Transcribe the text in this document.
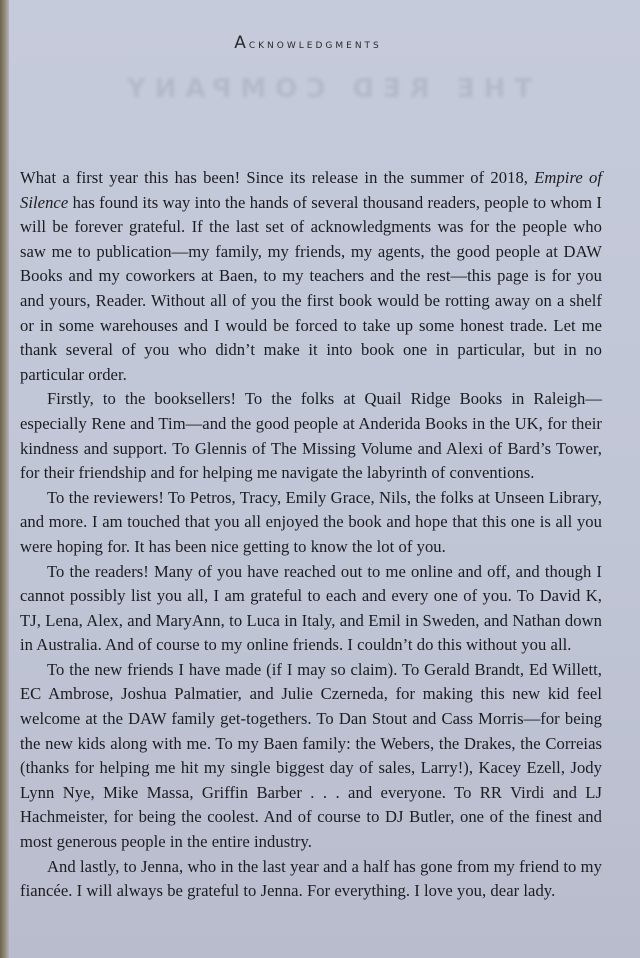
Acknowledgments
THE RED COMPANY

What a first year this has been! Since its release in the summer of 2018, Empire of Silence has found its way into the hands of several thousand readers, people to whom I will be forever grateful. If the last set of acknowledgments was for the people who saw me to publication—my family, my friends, my agents, the good people at DAW Books and my coworkers at Baen, to my teachers and the rest—this page is for you and yours, Reader. Without all of you the first book would be rotting away on a shelf or in some warehouses and I would be forced to take up some honest trade. Let me thank several of you who didn’t make it into book one in particular, but in no particular order.

Firstly, to the booksellers! To the folks at Quail Ridge Books in Raleigh—especially Rene and Tim—and the good people at Anderida Books in the UK, for their kindness and support. To Glennis of The Missing Volume and Alexi of Bard’s Tower, for their friendship and for helping me navigate the labyrinth of conventions.

To the reviewers! To Petros, Tracy, Emily Grace, Nils, the folks at Unseen Library, and more. I am touched that you all enjoyed the book and hope that this one is all you were hoping for. It has been nice getting to know the lot of you.

To the readers! Many of you have reached out to me online and off, and though I cannot possibly list you all, I am grateful to each and every one of you. To David K, TJ, Lena, Alex, and MaryAnn, to Luca in Italy, and Emil in Sweden, and Nathan down in Australia. And of course to my online friends. I couldn’t do this without you all.

To the new friends I have made (if I may so claim). To Gerald Brandt, Ed Willett, EC Ambrose, Joshua Palmatier, and Julie Czerneda, for making this new kid feel welcome at the DAW family get-togethers. To Dan Stout and Cass Morris—for being the new kids along with me. To my Baen family: the Webers, the Drakes, the Correias (thanks for helping me hit my single biggest day of sales, Larry!), Kacey Ezell, Jody Lynn Nye, Mike Massa, Griffin Barber . . . and everyone. To RR Virdi and LJ Hachmeister, for being the coolest. And of course to DJ Butler, one of the finest and most generous people in the entire industry.

And lastly, to Jenna, who in the last year and a half has gone from my friend to my fiancée. I will always be grateful to Jenna. For everything. I love you, dear lady.
